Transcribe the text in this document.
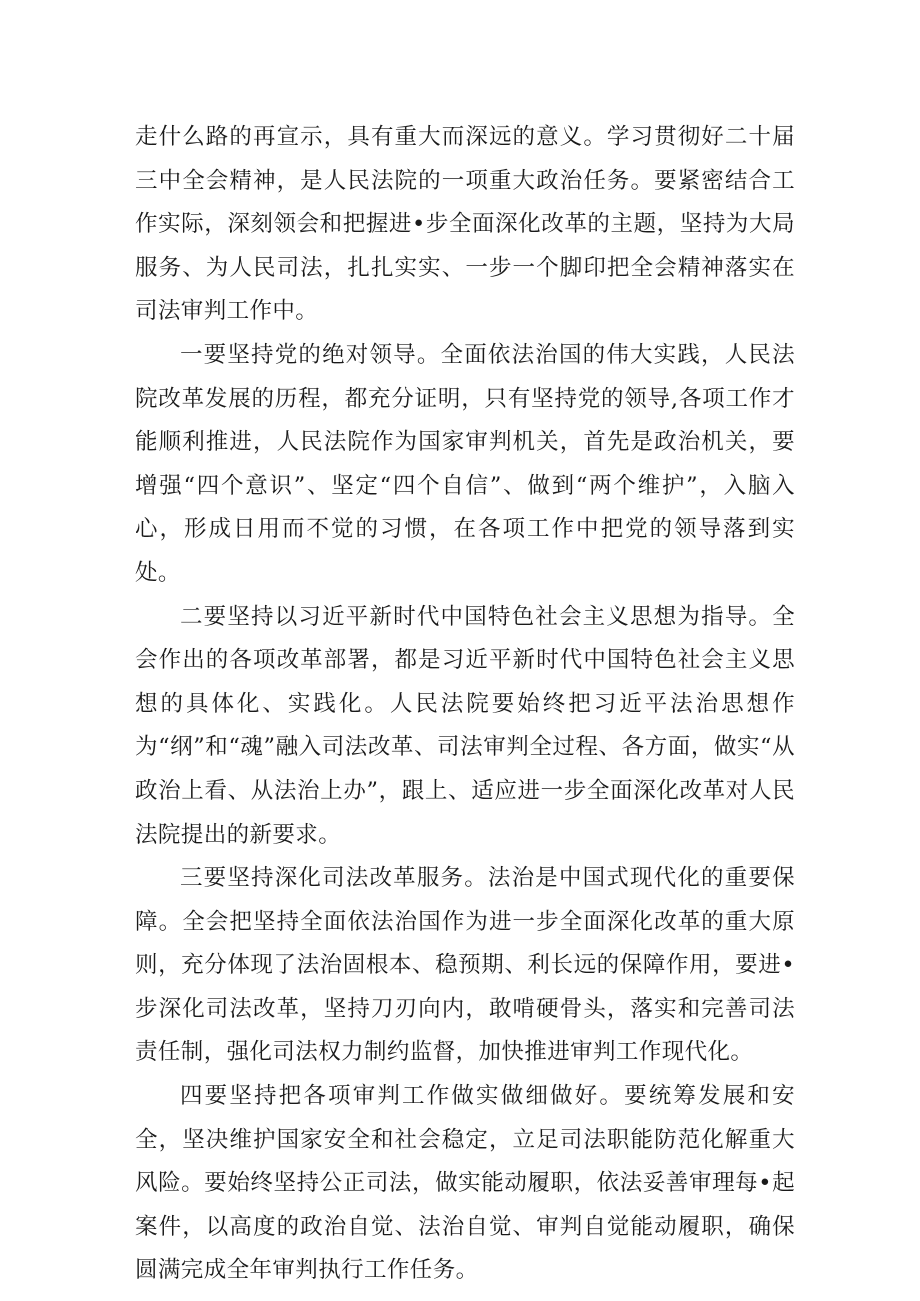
走什么路的再宣示，具有重大而深远的意义。学习贯彻好二十届三中全会精神，是人民法院的一项重大政治任务。要紧密结合工作实际，深刻领会和把握进•步全面深化改革的主题，坚持为大局服务、为人民司法，扎扎实实、一步一个脚印把全会精神落实在司法审判工作中。

一要坚持党的绝对领导。全面依法治国的伟大实践，人民法院改革发展的历程，都充分证明，只有坚持党的领导,各项工作才能顺利推进，人民法院作为国家审判机关，首先是政治机关，要增强“四个意识”、坚定“四个自信”、做到“两个维护”，入脑入心，形成日用而不觉的习惯，在各项工作中把党的领导落到实处。

二要坚持以习近平新时代中国特色社会主义思想为指导。全会作出的各项改革部署，都是习近平新时代中国特色社会主义思想的具体化、实践化。人民法院要始终把习近平法治思想作为“纲”和“魂”融入司法改革、司法审判全过程、各方面，做实“从政治上看、从法治上办”，跟上、适应进一步全面深化改革对人民法院提出的新要求。

三要坚持深化司法改革服务。法治是中国式现代化的重要保障。全会把坚持全面依法治国作为进一步全面深化改革的重大原则，充分体现了法治固根本、稳预期、利长远的保障作用，要进•步深化司法改革，坚持刀刃向内，敢啃硬骨头，落实和完善司法责任制，强化司法权力制约监督，加快推进审判工作现代化。

四要坚持把各项审判工作做实做细做好。要统筹发展和安全，坚决维护国家安全和社会稳定，立足司法职能防范化解重大风险。要始终坚持公正司法，做实能动履职，依法妥善审理每•起案件，以高度的政治自觉、法治自觉、审判自觉能动履职，确保圆满完成全年审判执行工作任务。
